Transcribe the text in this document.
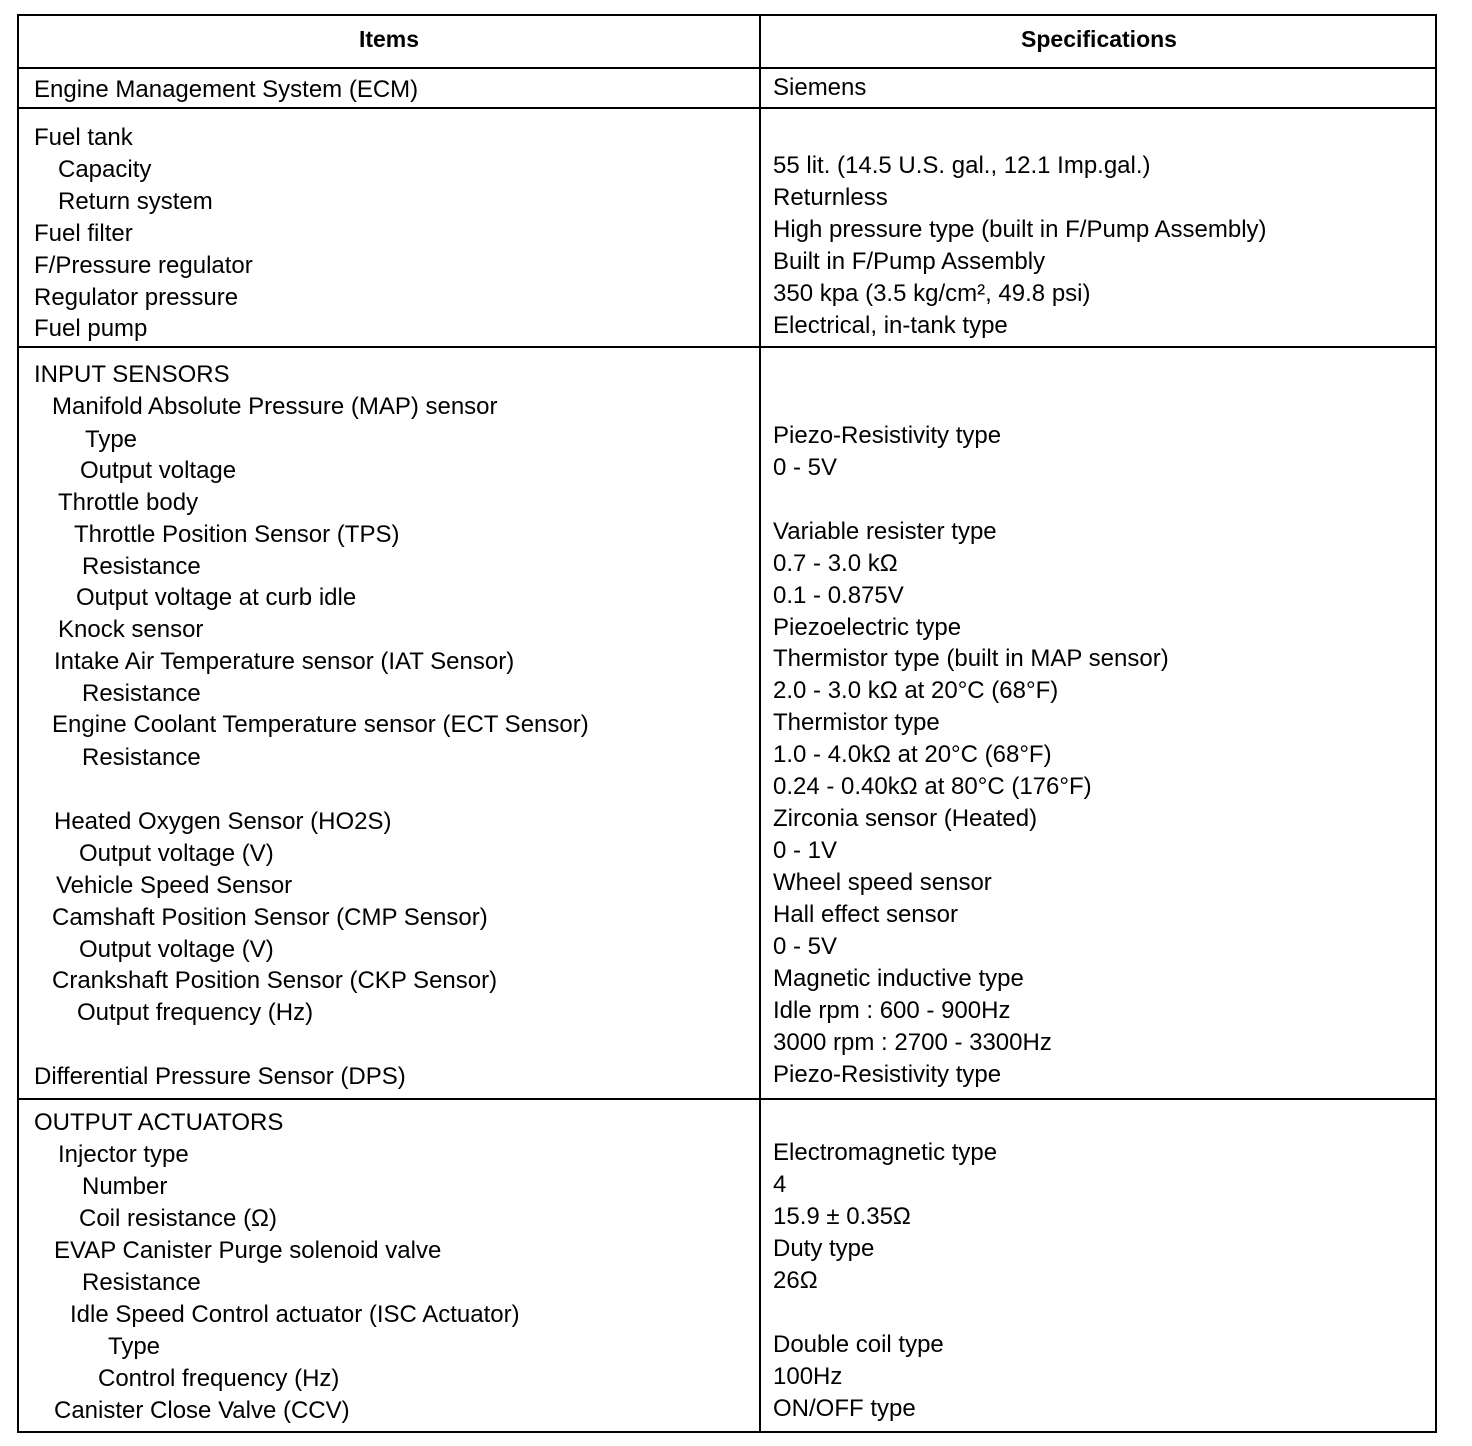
Items	Specifications
Engine Management System (ECM)	Siemens
Fuel tank
Capacity	55 lit. (14.5 U.S. gal., 12.1 Imp.gal.)
Return system	Returnless
Fuel filter	High pressure type (built in F/Pump Assembly)
F/Pressure regulator	Built in F/Pump Assembly
Regulator pressure	350 kpa (3.5 kg/cm², 49.8 psi)
Fuel pump	Electrical, in-tank type
INPUT SENSORS
Manifold Absolute Pressure (MAP) sensor
Type	Piezo-Resistivity type
Output voltage	0 - 5V
Throttle body
Throttle Position Sensor (TPS)	Variable resister type
Resistance	0.7 - 3.0 kΩ
Output voltage at curb idle	0.1 - 0.875V
Knock sensor	Piezoelectric type
Intake Air Temperature sensor (IAT Sensor)	Thermistor type (built in MAP sensor)
Resistance	2.0 - 3.0 kΩ at 20°C (68°F)
Engine Coolant Temperature sensor (ECT Sensor)	Thermistor type
Resistance	1.0 - 4.0kΩ at 20°C (68°F)
0.24 - 0.40kΩ at 80°C (176°F)
Heated Oxygen Sensor (HO2S)	Zirconia sensor (Heated)
Output voltage (V)	0 - 1V
Vehicle Speed Sensor	Wheel speed sensor
Camshaft Position Sensor (CMP Sensor)	Hall effect sensor
Output voltage (V)	0 - 5V
Crankshaft Position Sensor (CKP Sensor)	Magnetic inductive type
Output frequency (Hz)	Idle rpm : 600 - 900Hz
3000 rpm : 2700 - 3300Hz
Differential Pressure Sensor (DPS)	Piezo-Resistivity type
OUTPUT ACTUATORS
Injector type	Electromagnetic type
Number	4
Coil resistance (Ω)	15.9 ± 0.35Ω
EVAP Canister Purge solenoid valve	Duty type
Resistance	26Ω
Idle Speed Control actuator (ISC Actuator)
Type	Double coil type
Control frequency (Hz)	100Hz
Canister Close Valve (CCV)	ON/OFF type
